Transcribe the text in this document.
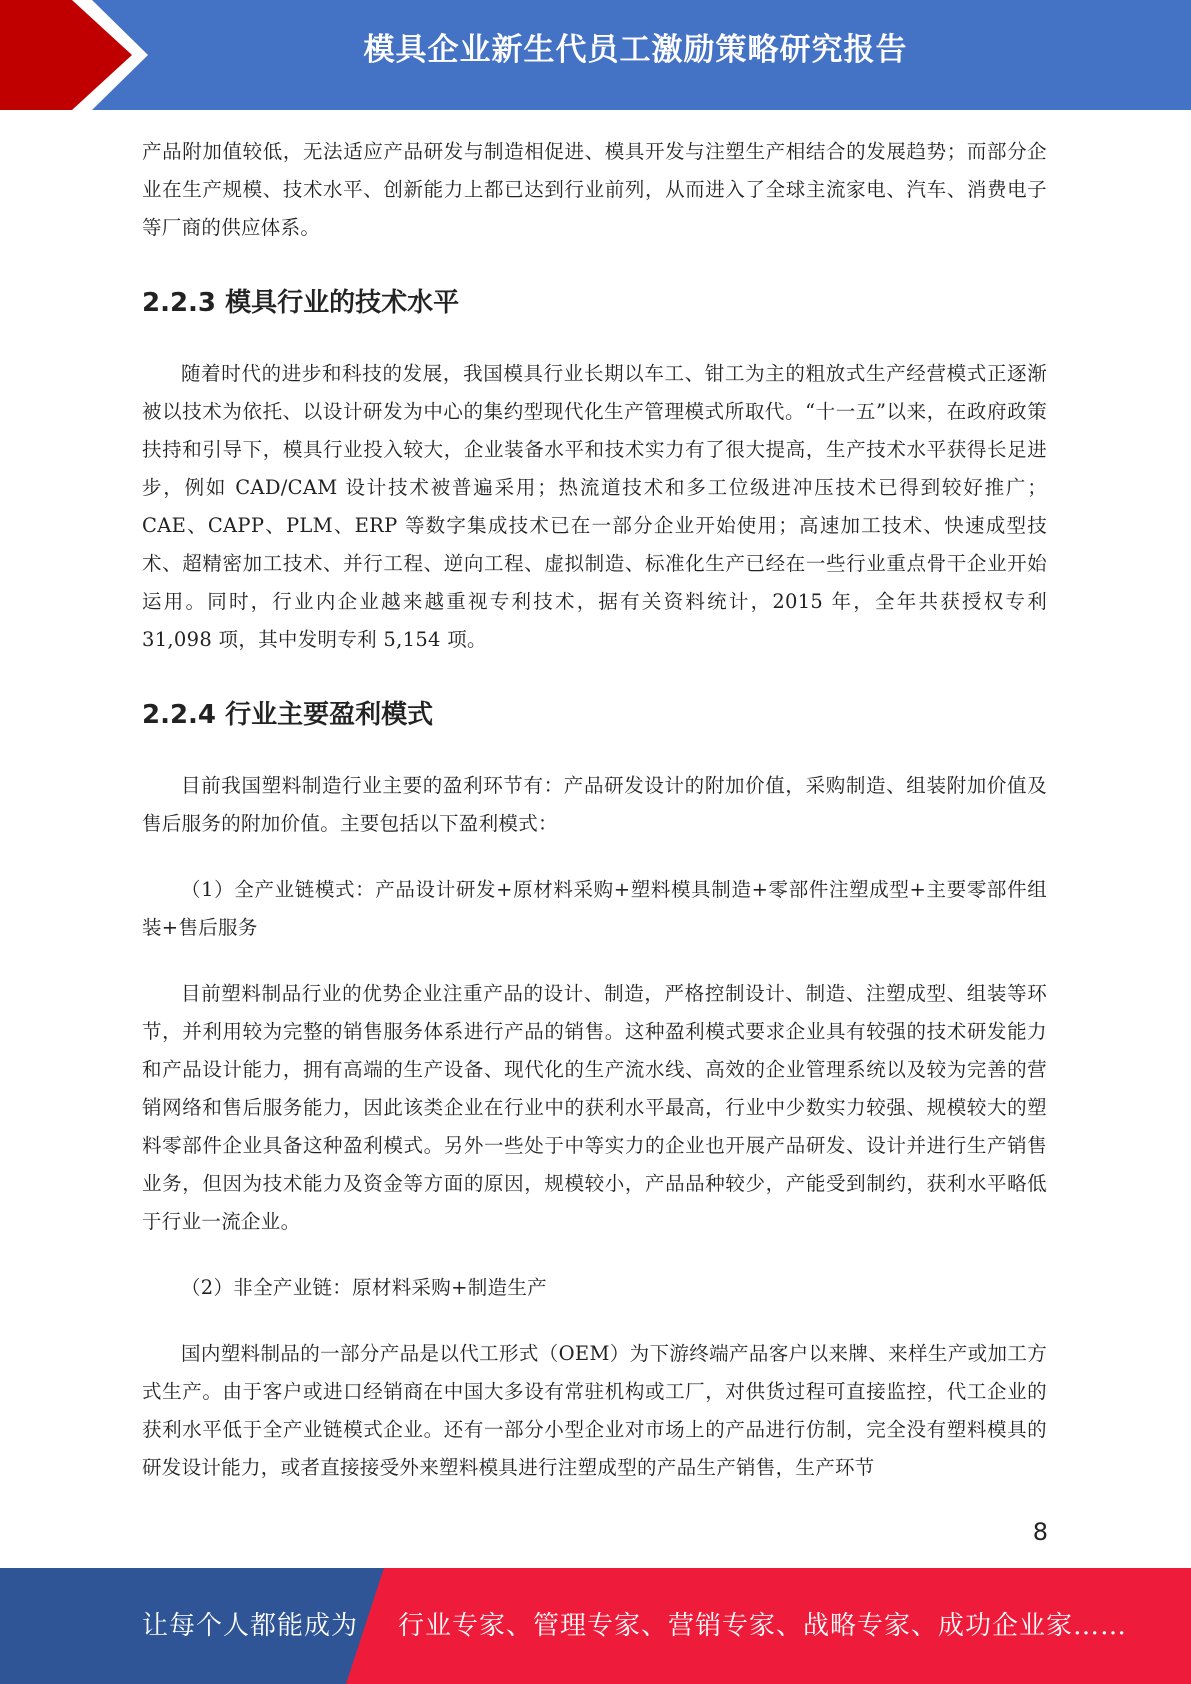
模具企业新生代员工激励策略研究报告

产品附加值较低，无法适应产品研发与制造相促进、模具开发与注塑生产相结合的发展趋势；而部分企业在生产规模、技术水平、创新能力上都已达到行业前列，从而进入了全球主流家电、汽车、消费电子等厂商的供应体系。

2.2.3 模具行业的技术水平

随着时代的进步和科技的发展，我国模具行业长期以车工、钳工为主的粗放式生产经营模式正逐渐被以技术为依托、以设计研发为中心的集约型现代化生产管理模式所取代。“十一五”以来，在政府政策扶持和引导下，模具行业投入较大，企业装备水平和技术实力有了很大提高，生产技术水平获得长足进步，例如 CAD/CAM 设计技术被普遍采用；热流道技术和多工位级进冲压技术已得到较好推广；CAE、CAPP、PLM、ERP 等数字集成技术已在一部分企业开始使用；高速加工技术、快速成型技术、超精密加工技术、并行工程、逆向工程、虚拟制造、标准化生产已经在一些行业重点骨干企业开始运用。同时，行业内企业越来越重视专利技术，据有关资料统计，2015 年，全年共获授权专利 31,098 项，其中发明专利 5,154 项。

2.2.4 行业主要盈利模式

目前我国塑料制造行业主要的盈利环节有：产品研发设计的附加价值，采购制造、组装附加价值及售后服务的附加价值。主要包括以下盈利模式：

（1）全产业链模式：产品设计研发+原材料采购+塑料模具制造+零部件注塑成型+主要零部件组装+售后服务

目前塑料制品行业的优势企业注重产品的设计、制造，严格控制设计、制造、注塑成型、组装等环节，并利用较为完整的销售服务体系进行产品的销售。这种盈利模式要求企业具有较强的技术研发能力和产品设计能力，拥有高端的生产设备、现代化的生产流水线、高效的企业管理系统以及较为完善的营销网络和售后服务能力，因此该类企业在行业中的获利水平最高，行业中少数实力较强、规模较大的塑料零部件企业具备这种盈利模式。另外一些处于中等实力的企业也开展产品研发、设计并进行生产销售业务，但因为技术能力及资金等方面的原因，规模较小，产品品种较少，产能受到制约，获利水平略低于行业一流企业。

（2）非全产业链：原材料采购+制造生产

国内塑料制品的一部分产品是以代工形式（OEM）为下游终端产品客户以来牌、来样生产或加工方式生产。由于客户或进口经销商在中国大多设有常驻机构或工厂，对供货过程可直接监控，代工企业的获利水平低于全产业链模式企业。还有一部分小型企业对市场上的产品进行仿制，完全没有塑料模具的研发设计能力，或者直接接受外来塑料模具进行注塑成型的产品生产销售，生产环节

8
让每个人都能成为 行业专家、管理专家、营销专家、战略专家、成功企业家……
